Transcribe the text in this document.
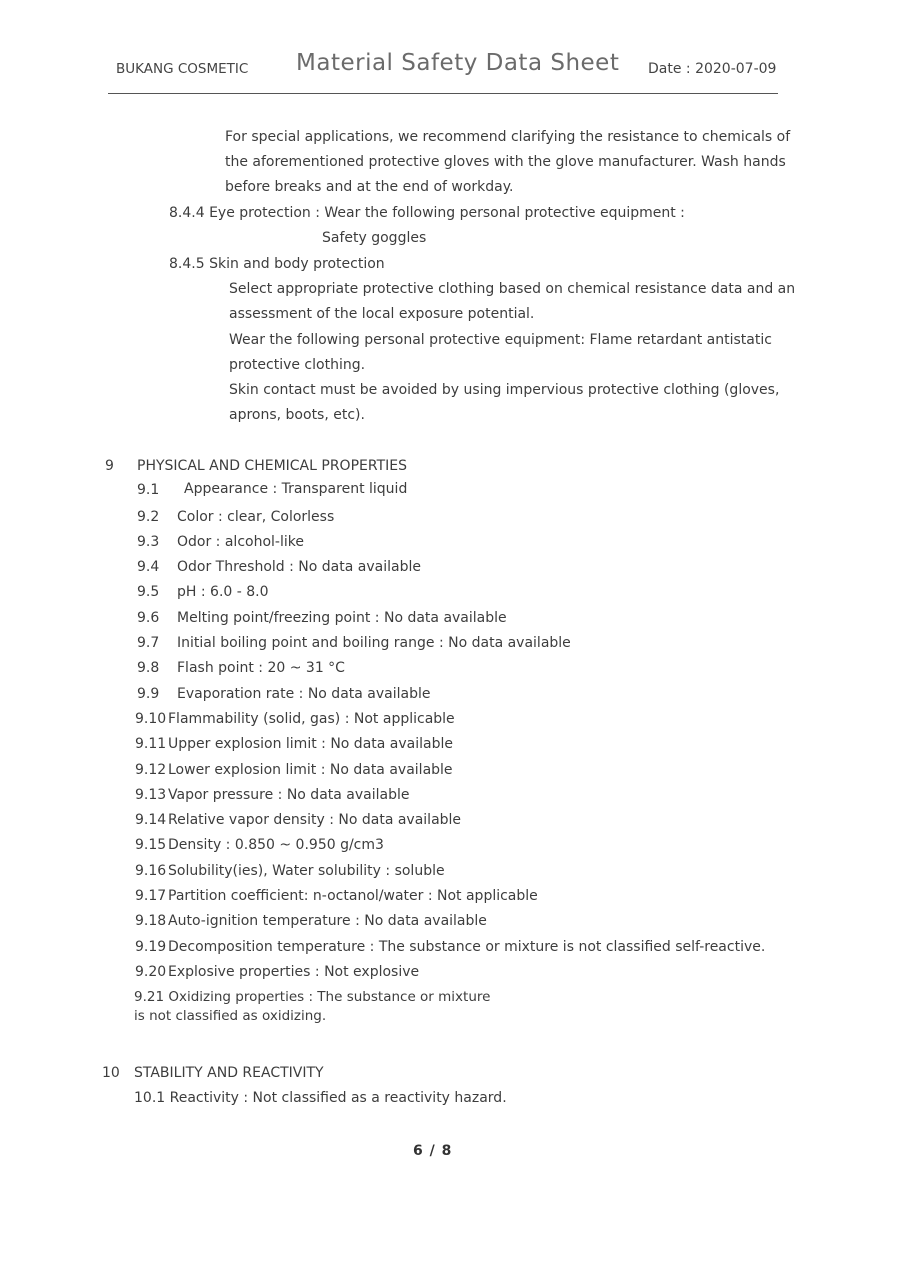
BUKANG COSMETIC Material Safety Data Sheet Date : 2020-07-09
For special applications, we recommend clarifying the resistance to chemicals of
the aforementioned protective gloves with the glove manufacturer. Wash hands
before breaks and at the end of workday.
8.4.4 Eye protection : Wear the following personal protective equipment :
Safety goggles
8.4.5 Skin and body protection
Select appropriate protective clothing based on chemical resistance data and an
assessment of the local exposure potential.
Wear the following personal protective equipment: Flame retardant antistatic
protective clothing.
Skin contact must be avoided by using impervious protective clothing (gloves,
aprons, boots, etc).
9 PHYSICAL AND CHEMICAL PROPERTIES
9.1 Appearance : Transparent liquid
9.2 Color : clear, Colorless
9.3 Odor : alcohol-like
9.4 Odor Threshold : No data available
9.5 pH : 6.0 - 8.0
9.6 Melting point/freezing point : No data available
9.7 Initial boiling point and boiling range : No data available
9.8 Flash point : 20 ~ 31 °C
9.9 Evaporation rate : No data available
9.10 Flammability (solid, gas) : Not applicable
9.11 Upper explosion limit : No data available
9.12 Lower explosion limit : No data available
9.13 Vapor pressure : No data available
9.14 Relative vapor density : No data available
9.15 Density : 0.850 ~ 0.950 g/cm3
9.16 Solubility(ies), Water solubility : soluble
9.17 Partition coefficient: n-octanol/water : Not applicable
9.18 Auto-ignition temperature : No data available
9.19 Decomposition temperature : The substance or mixture is not classified self-reactive.
9.20 Explosive properties : Not explosive
9.21 Oxidizing properties : The substance or mixture
is not classified as oxidizing.
10 STABILITY AND REACTIVITY
10.1 Reactivity : Not classified as a reactivity hazard.
6 / 8
